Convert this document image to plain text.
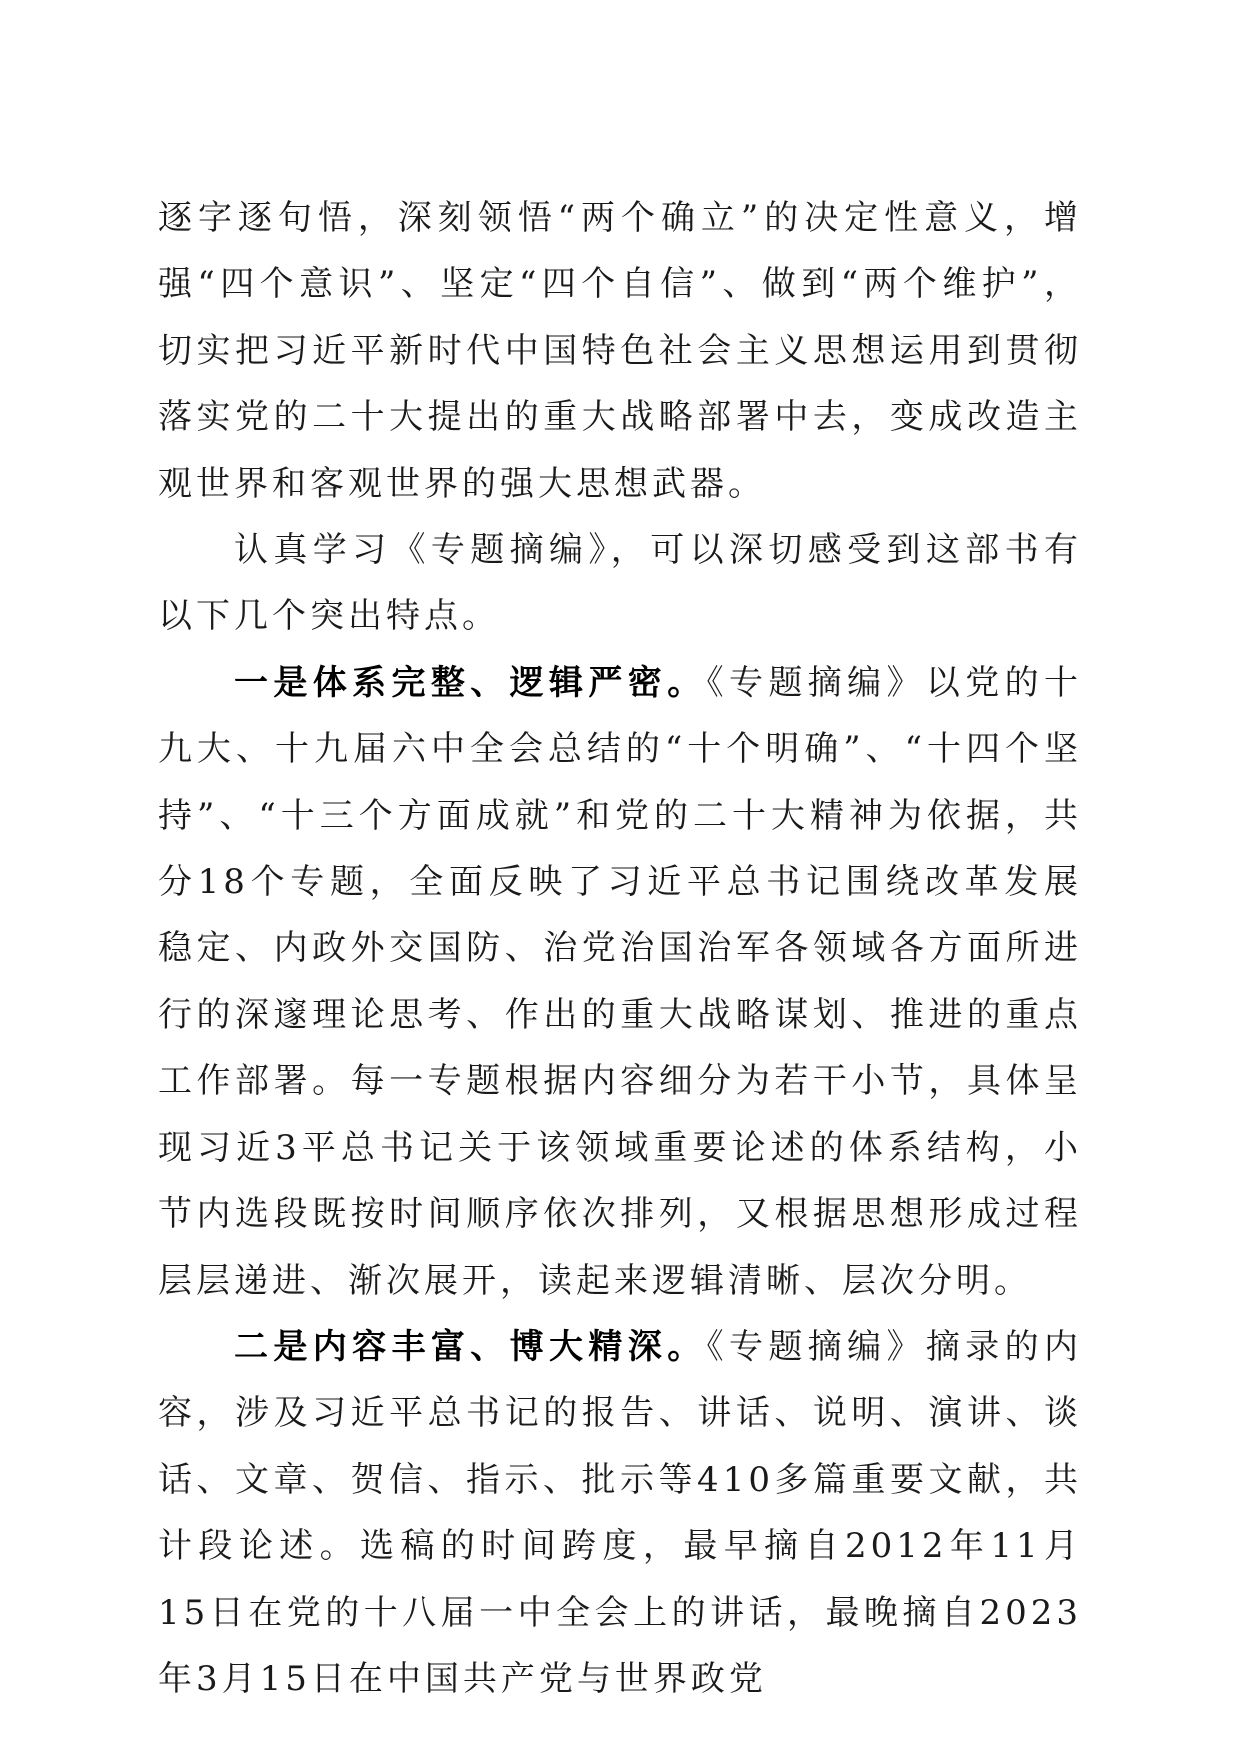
逐字逐句悟，深刻领悟“两个确立”的决定性意义，增强“四个意识”、坚定“四个自信”、做到“两个维护”，切实把习近平新时代中国特色社会主义思想运用到贯彻落实党的二十大提出的重大战略部署中去，变成改造主观世界和客观世界的强大思想武器。

认真学习《专题摘编》，可以深切感受到这部书有以下几个突出特点。

一是体系完整、逻辑严密。《专题摘编》以党的十九大、十九届六中全会总结的“十个明确”、“十四个坚持”、“十三个方面成就”和党的二十大精神为依据，共分18个专题，全面反映了习近平总书记围绕改革发展稳定、内政外交国防、治党治国治军各领域各方面所进行的深邃理论思考、作出的重大战略谋划、推进的重点工作部署。每一专题根据内容细分为若干小节，具体呈现习近3平总书记关于该领域重要论述的体系结构，小节内选段既按时间顺序依次排列，又根据思想形成过程层层递进、渐次展开，读起来逻辑清晰、层次分明。

二是内容丰富、博大精深。《专题摘编》摘录的内容，涉及习近平总书记的报告、讲话、说明、演讲、谈话、文章、贺信、指示、批示等410多篇重要文献，共计段论述。选稿的时间跨度，最早摘自2012年11月15日在党的十八届一中全会上的讲话，最晚摘自2023年3月15日在中国共产党与世界政党
